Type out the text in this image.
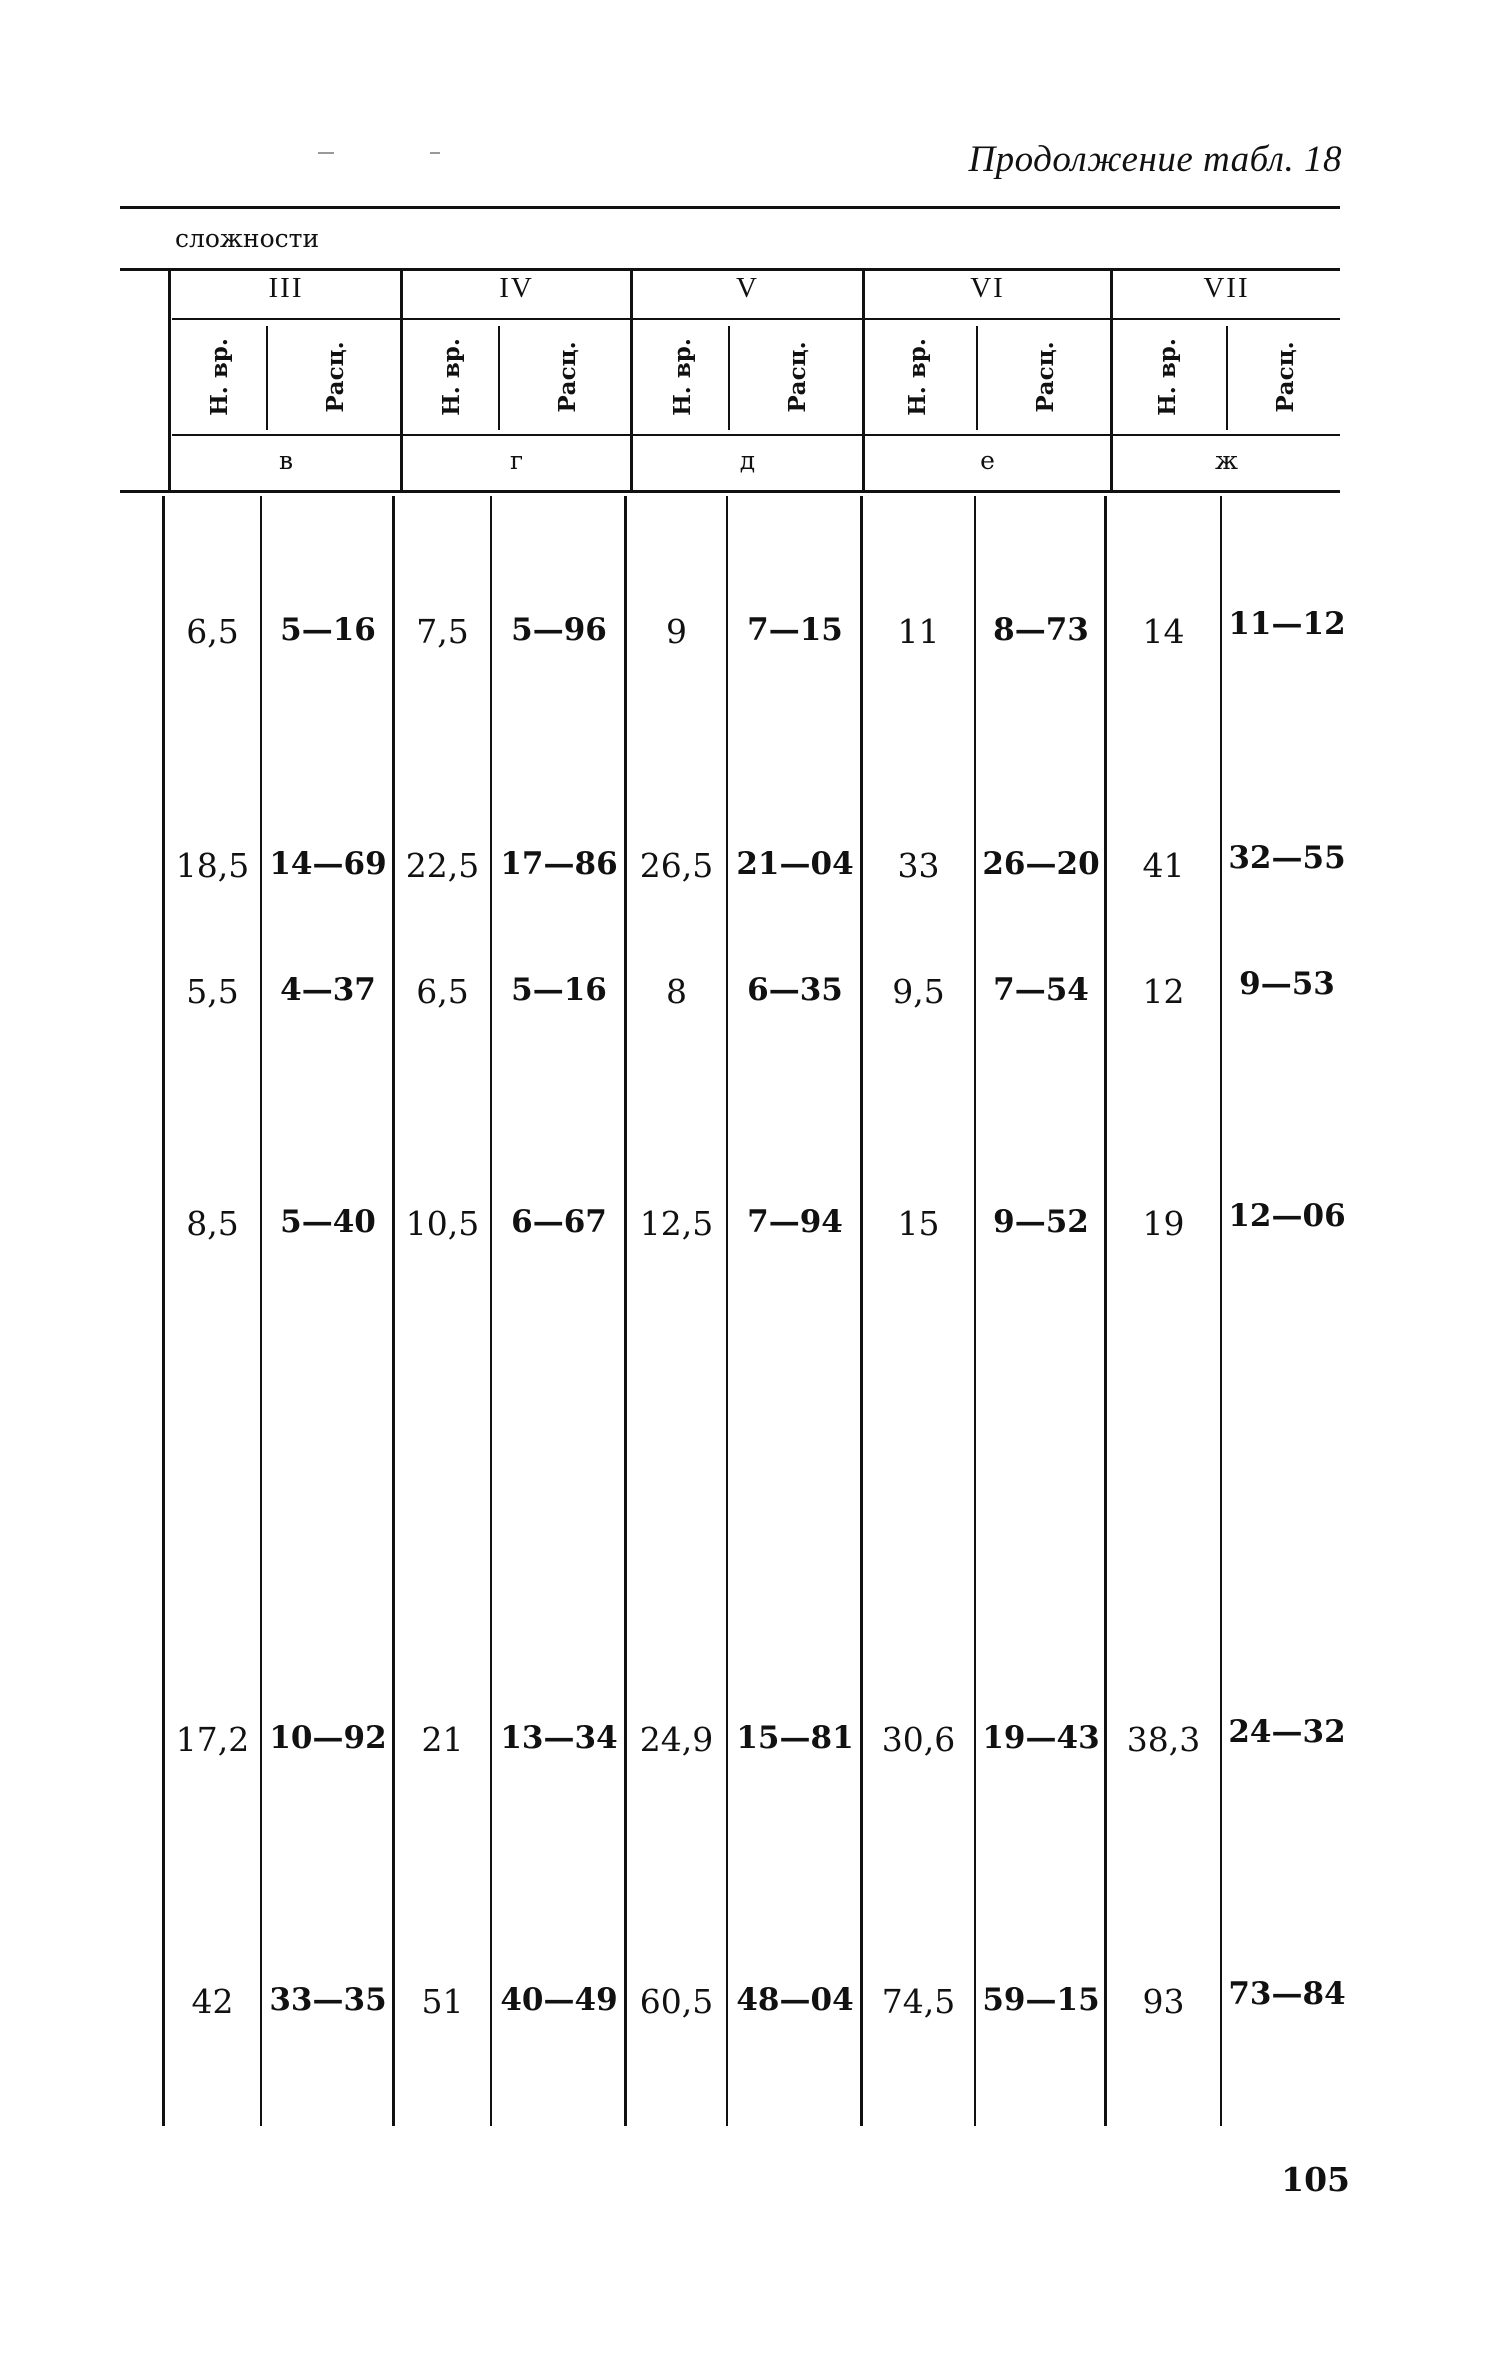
Продолжение табл. 18
сложности
III	IV	V	VI	VII
Н. вр.	Расц.	Н. вр.	Расц.	Н. вр.	Расц.	Н. вр.	Расц.	Н. вр.	Расц.
в	г	д	е	ж
6,5	5—16	7,5	5—96	9	7—15	11	8—73	14	11—12
18,5 14—69 22,5 17—86 26,5 21—04	33	26—20	41	32—55
5,5	4—37	6,5	5—16	8	6—35	9,5	7—54	12	9—53
8,5	5—40 10,5	6—67 12,5	7—94	15	9—52	19	12—06
17,2 10—92	21	13—34 24,9 15—81 30,6 19—43 38,3 24—32
42	33—35	51	40—49 60,5 48—04 74,5 59—15	93	73—84
105
